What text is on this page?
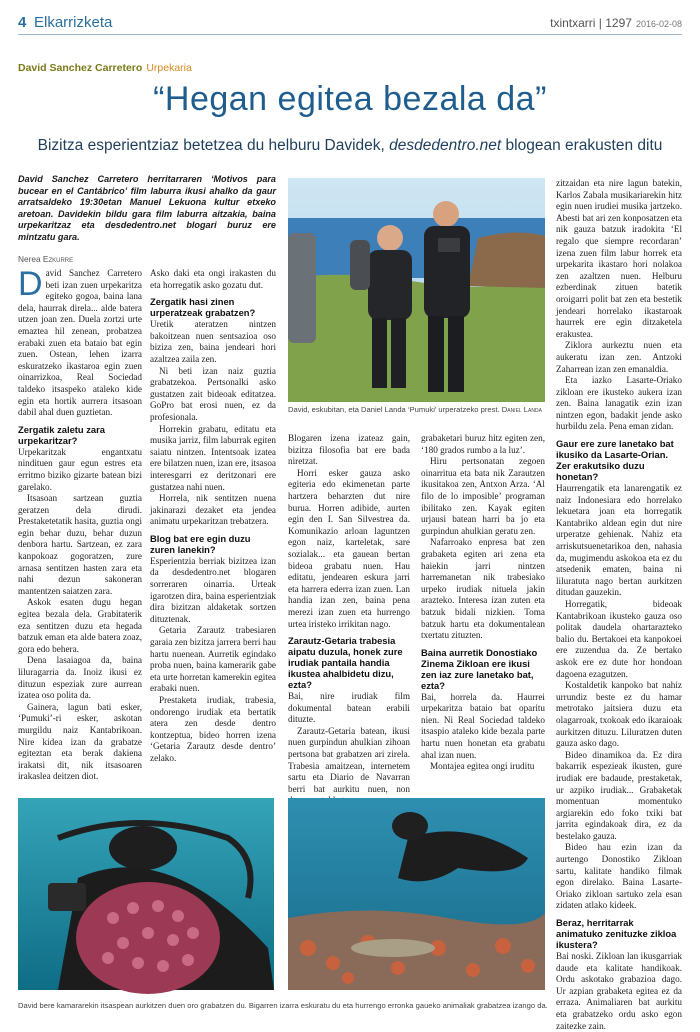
4 Elkarrizketa	txintxarri | 1297 2016-02-08
David Sanchez Carretero Urpekaria
“Hegan egitea bezala da”
Bizitza esperientziaz betetzea du helburu Davidek, desdedentro.net blogean erakusten ditu
David Sanchez Carretero herritarraren ‘Motivos para bucear en el Cantábrico’ film laburra ikusi ahalko da gaur arratsaldeko 19:30etan Manuel Lekuona kultur etxeko aretoan. Davidekin bildu gara film laburra aitzakia, baina urpekaritzaz eta desdedentro.net blogari buruz ere mintzatu gara.
Nerea Ezkurre

David Sanchez Carretero beti izan zuen urpekaritza egiteko gogoa, baina lana dela, haurrak direla... alde batera utzen joan zen. Duela zortzi urte emaztea hil zenean, probatzea erabaki zuen eta bataio bat egin zuen. Ostean, lehen izarra eskuratzeko ikastaroa egin zuen oinarrizkoa, Real Sociedad taldeko itsaspeko ataleko kide egin eta hortik aurrera itsasoan dabil ahal duen guztietan.

Zergatik zaletu zara urpekaritzar?

Urpekaritzak engantxatu nindituen gaur egun estres eta erritmo biziko gizarte batean bizi garelako.

Itsasoan sartzean guztia geratzen dela dirudi. Prestaketetatik hasita, guztia ongi egin behar duzu, behar duzun denbora hartu. Sartzean, ez zara kanpokoaz gogoratzen, zure arnasa sentitzen hasten zara eta nahi dezun sakoneran mantentzen saiatzen zara.

Askok esaten dugu hegan egitea bezala dela. Grabitaterik eza sentitzen duzu eta hegada batzuk eman eta alde batera zoaz, gora edo behera.

Dena lasaiagoa da, baina liluragarria da. Inoiz ikusi ez dituzun espeziak zure aurrean izatea oso polita da.

Gainera, lagun bati esker, ‘Pumuki’-ri esker, askotan murgildu naiz Kantabrikoan. Nire kidea izan da grabatze egiteztan eta berak dakiena irakatsi dit, nik itsasoaren irakaslea deitzen diot.

Asko daki eta ongi irakasten du eta horregatik asko gozatu dut.

Zergatik hasi zinen urperatzeak grabatzen?

Uretik ateratzen nintzen bakoitzean nuen sentsazioa oso biziza zen, baina jendeari hori azaltzea zaila zen.

Ni beti izan naiz guztia grabatzekoa. Pertsonalki asko gustatzen zait bideoak editatzea. GoPro bat erosi nuen, ez da profesionala.

Horrekin grabatu, editatu eta musika jarriz, film laburrak egiten saiatu nintzen. Intentsoak izatea ere bilatzen nuen, izan ere, itsasoa interesgarri ez deritzonari ere gustatzea nahi nuen.

Horrela, nik sentitzen nuena jakinarazi dezaket eta jendea animatu urpekaritzan trebatzera.

Blog bat ere egin duzu zuren lanekin?

Esperientzia berriak bizitzea izan da desdedentro.net blogaren sorreraren oinarria. Urteak igarotzen dira, baina esperientziak dira bizitzan aldaketak sortzen dituztenak.

Getaria Zarautz trabesiaren garaia zen bizitza jarrera berri hau hartu nuenean. Aurretik egindako proba nuen, baina kamerarik gabe eta urte horretan kamerekin egitea erabaki nuen.

Prestaketa irudiak, trabesia, ondorengo irudiak eta bertatik atera zen desde dentro kontzeptua, bideo horren izena ‘Getaria Zarautz desde dentro’ zelako.

David, eskubitan, eta Daniel Landa ‘Pumuki’ urperatzeko prest. Daniel Landa

Blogaren izena izateaz gain, bizitza filosofia bat ere bada niretzat.

Horri esker gauza asko egiteria edo ekimenetan parte hartzera beharzten dut nire burua. Horren adibide, aurten egin den I. San Silvestrea da. Komunikazio arloan laguntzen egon naiz, karteletak, sare sozialak... eta gauean bertan bideoa grabatu nuen. Hau editatu, jendearen eskura jarri eta harrera ederra izan zuen. Lan handia izan zen, baina pena merezi izan zuen eta hurrengo urtea iristeko irrikitan nago.

Zarautz-Getaria trabesia aipatu duzula, honek zure irudiak pantaila handia ikustea ahalbidetu dizu, ezta?

Bai, nire irudiak film dokumental batean erabili dituzte.

Zarautz-Getaria batean, ikusi nuen gurpindun ahulkian zihoan pertsona bat grabatzen ari zirela. Trabesia amaitzean, internetem sartu eta Diario de Navarran berri bat aurkitu nuen, non

grabaketari buruz hitz egiten zen, ‘180 grados rumbo a la luz’.

Hiru pertsonatan zegoen oinarritua eta bata nik Zarautzen ikusitakoa zen, Antxon Arza. ‘Al filo de lo imposible’ programan ibilitako zen. Kayak egiten urjausi batean harri ba jo eta gurpindun ahulkian geratu zen.

Nafarroako enpresa bat zen grabaketa egiten ari zena eta haiekin jarri nintzen harremanetan nik trabesiako urpeko irudiak nituela jakin arazteko. Interesa izan zuten eta batzuk bidali nizkien. Toma batzuk hartu eta dokumentalean txertatu zituzten.

Baina aurretik Donostiako Zinema Zikloan ere ikusi zen iaz zure lanetako bat, ezta?

Bai, horrela da. Haurrei urpekaritza bataio bat oparitu nien. Ni Real Sociedad taldeko itsaspio ataleko kide bezala parte hartu nuen honetan eta grabatu ahal izan nuen.

Montajea egitea ongi iruditu

zitzaidan eta nire lagun batekin, Karlos Zabala musikariarekin hitz egin nuen irudiei musika jartzeko. Abesti bat ari zen konposatzen eta nik gauza batzuk iradokita ‘El regalo que siempre recordaran’ izena zuen film labur horrek eta urpekarita ikastaro hori nolakoa zen azaltzen nuen. Helburu ezberdinak zituen batetik oroigarri polit bat zen eta bestetik jendeari horrelako ikastaroak haurrek ere egin ditzaketela erakustea.

Ziklora aurkeztu nuen eta aukeratu izan zen. Antzoki Zaharrean izan zen emanaldia.

Eta iazko Lasarte-Oriako zikloan ere ikusteko aukera izan zen. Baina lanagatik ezin izan nintzen egon, badakit jende asko hurbildu zela. Pena eman zidan.

Gaur ere zure lanetako bat ikusiko da Lasarte-Orian. Zer erakutsiko duzu honetan?

Haurrengatik eta lanarengatik ez naiz Indonesiara edo horrelako lekuetara joan eta horregatik Kantabriko aldean egin dut nire urperatze gehienak. Nahiz eta arriskutsuenetarikoa den, nahasia da, mugimendu askokoa eta ez du atsedenik ematen, baina ni liluratuta nago bertan aurkitzen ditudan gauzekin.

Horregatik, bideoak Kantabrikoan ikusteko gauza oso politak daudela ohartarazteko balio du. Bertakoei eta kanpokoei ere zuzendua da. Ze bertako askok ere ez dute hor hondoan dagoena ezagutzen.

Kostaldetik kanpoko bat nahiz urrundiz beste ez du hamar metrotako jaitsiera duzu eta olagarroak, txokoak edo ikaraioak aurkitzen dituzu. Liluratzen duten gauza asko dago.

Bideo dinamikoa da. Ez dira bakarrik espezieak ikusten, gure irudiak ere badaude, prestaketak, ur azpiko irudiak... Grabaketak momentuan momentuko argiarekin edo foko txiki bat jarrita egindakoak dira, ez da bestelako gauza.

Bideo hau ezin izan da aurtengo Donostiko Zikloan sartu, kalitate handiko filmak egon direlako. Baina Lasarte-Oriako zikloan sartuko zela esan zidaten atlako kideek.

Beraz, herritarrak animatuko zenituzke zikloa ikustera?

Bai noski. Zikloan lan ikusgarriak daude eta kalitate handikoak. Ordu askotako grabazioa dago. Ur azpian grabaketa egitea ez da erraza. Animaliaren bat aurkitu eta grabatzeko ordu asko egon zaitezke zain.

David bere kamararekin itsaspean aurkitzen duen oro grabatzen du. Bigarren izarra eskuratu du eta hurrengo erronka gaueko animaliak grabatzea izango da.
